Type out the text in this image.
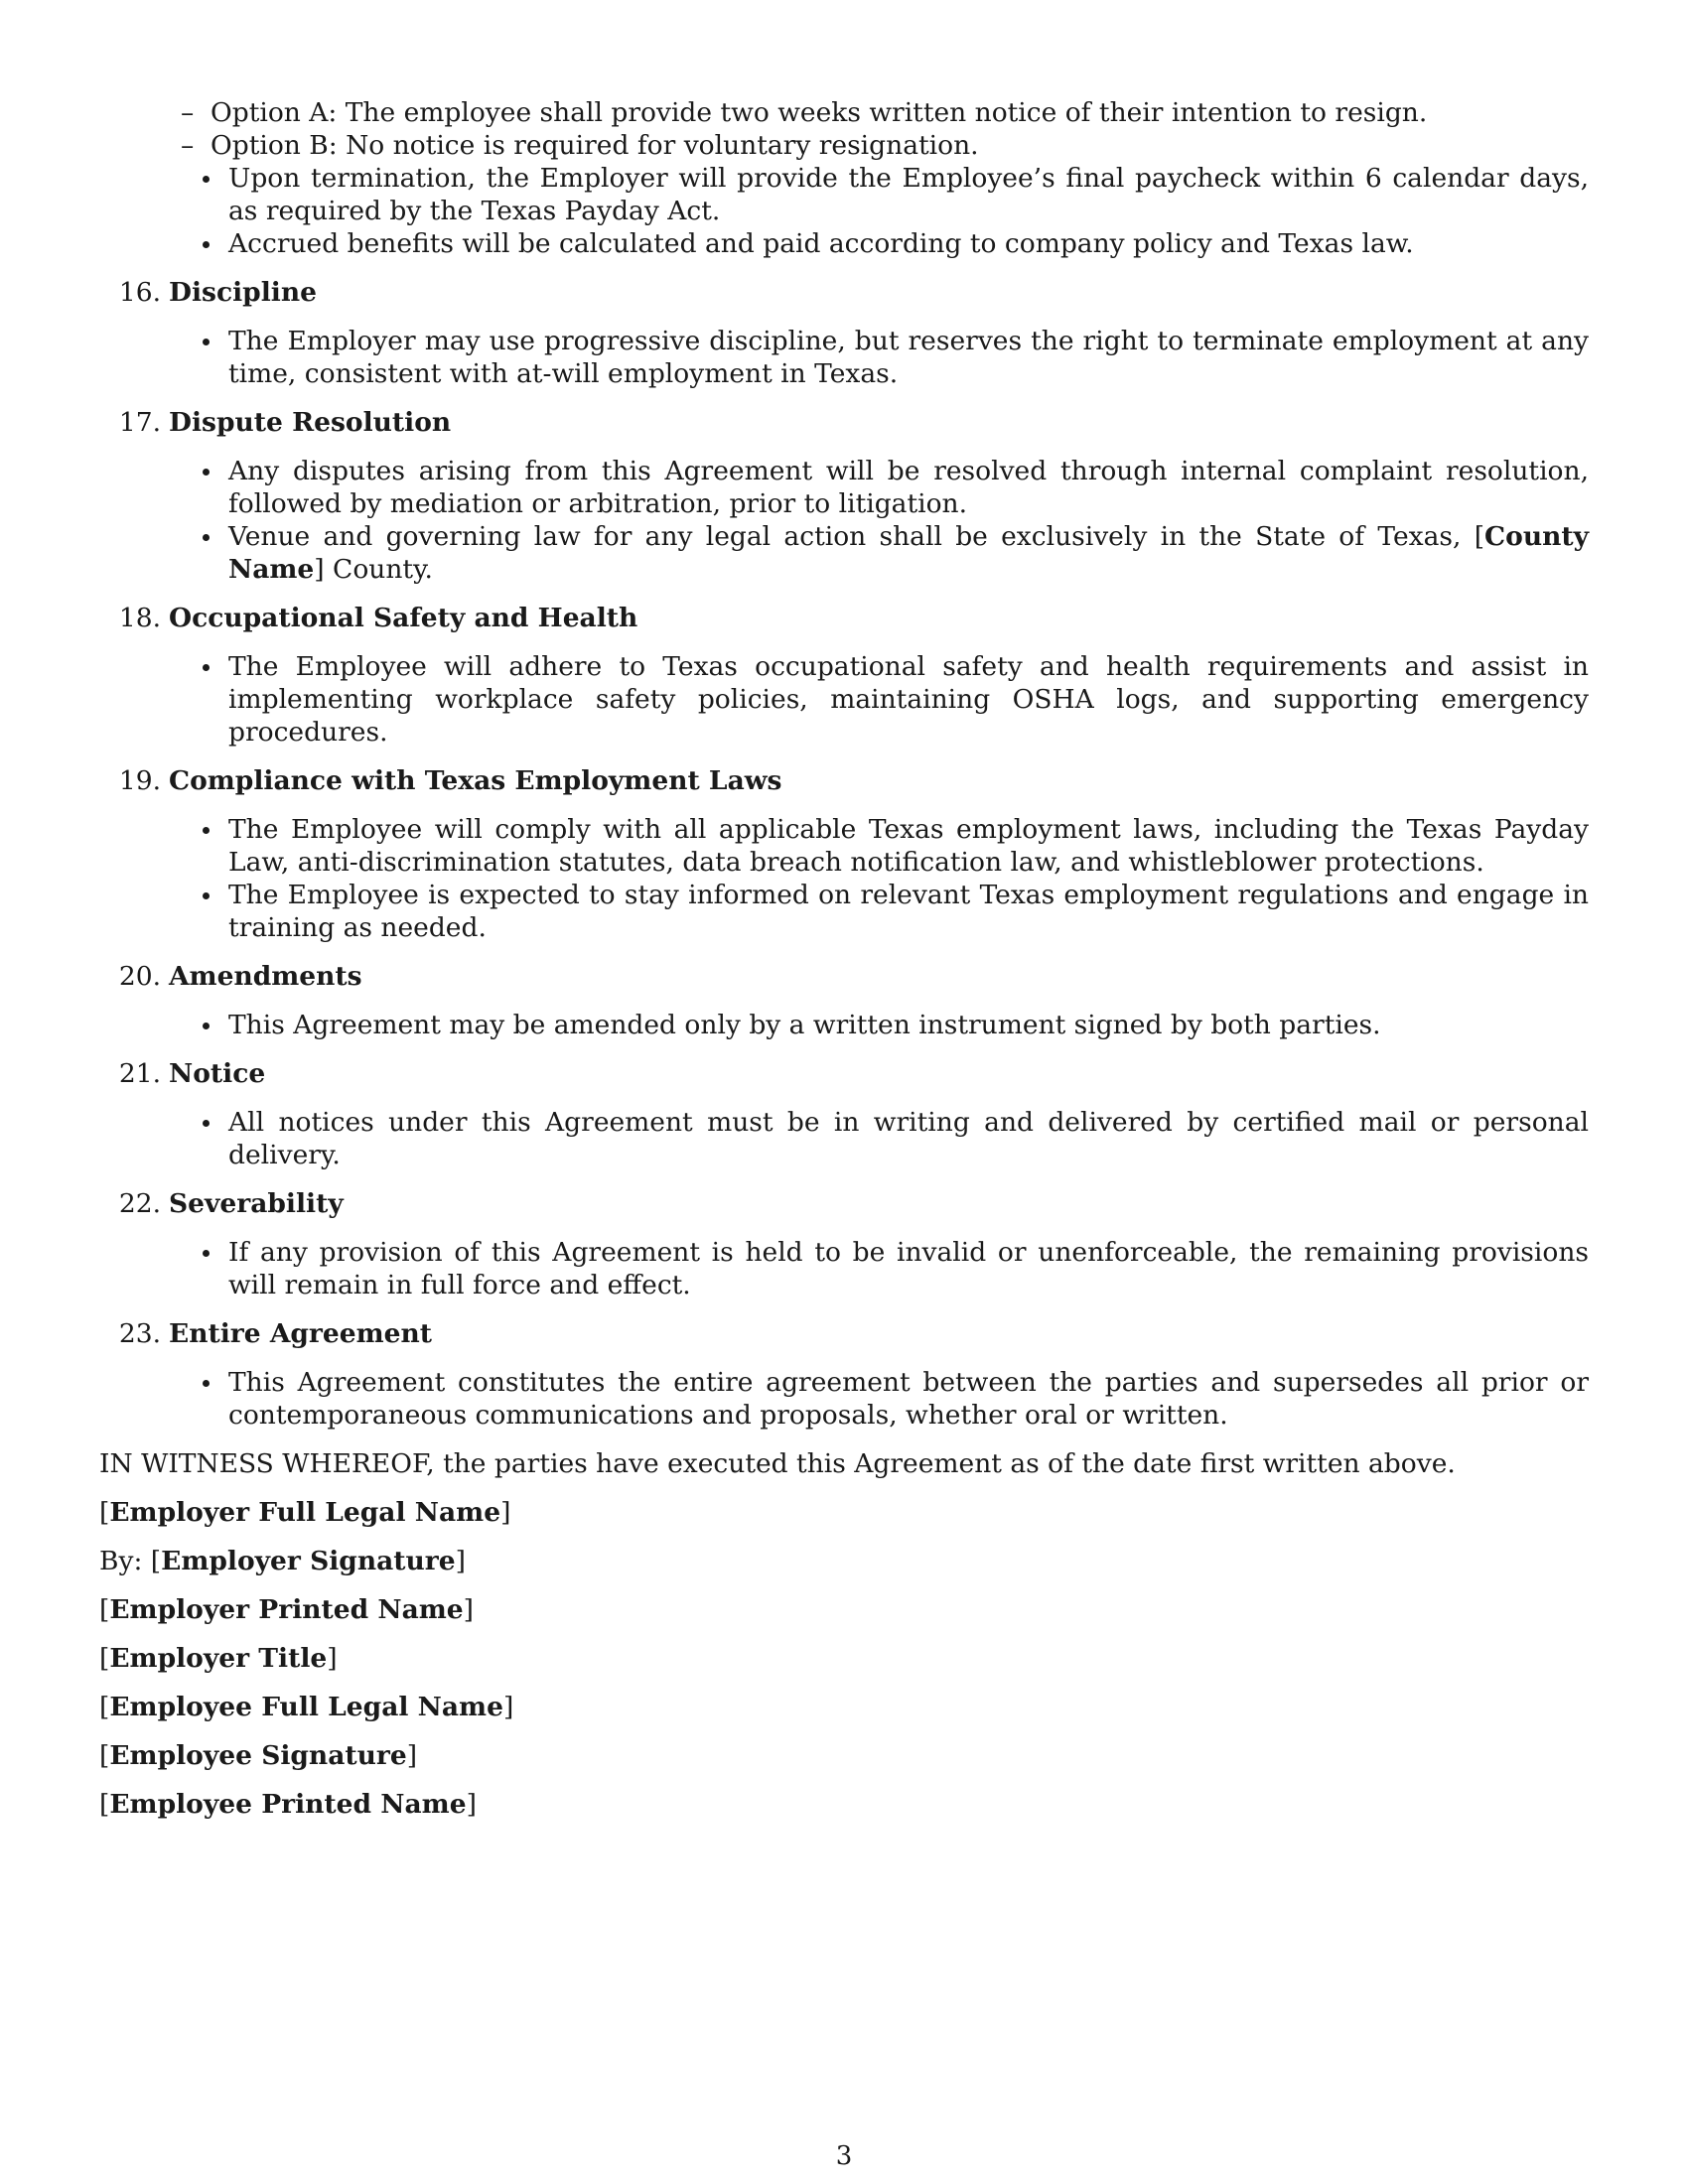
– Option A: The employee shall provide two weeks written notice of their intention to resign.
– Option B: No notice is required for voluntary resignation.
Upon termination, the Employer will provide the Employee’s final paycheck within 6 calendar days, as required by the Texas Payday Act.
Accrued benefits will be calculated and paid according to company policy and Texas law.
16. Discipline
The Employer may use progressive discipline, but reserves the right to terminate employment at any time, consistent with at-will employment in Texas.
17. Dispute Resolution
Any disputes arising from this Agreement will be resolved through internal complaint resolution, followed by mediation or arbitration, prior to litigation.
Venue and governing law for any legal action shall be exclusively in the State of Texas, [County Name] County.
18. Occupational Safety and Health
The Employee will adhere to Texas occupational safety and health requirements and assist in implementing workplace safety policies, maintaining OSHA logs, and supporting emergency procedures.
19. Compliance with Texas Employment Laws
The Employee will comply with all applicable Texas employment laws, including the Texas Payday Law, anti-discrimination statutes, data breach notification law, and whistleblower protections.
The Employee is expected to stay informed on relevant Texas employment regulations and engage in training as needed.
20. Amendments
This Agreement may be amended only by a written instrument signed by both parties.
21. Notice
All notices under this Agreement must be in writing and delivered by certified mail or personal delivery.
22. Severability
If any provision of this Agreement is held to be invalid or unenforceable, the remaining provisions will remain in full force and effect.
23. Entire Agreement
This Agreement constitutes the entire agreement between the parties and supersedes all prior or contemporaneous communications and proposals, whether oral or written.
IN WITNESS WHEREOF, the parties have executed this Agreement as of the date first written above.
[Employer Full Legal Name]
By: [Employer Signature]
[Employer Printed Name]
[Employer Title]
[Employee Full Legal Name]
[Employee Signature]
[Employee Printed Name]
3
